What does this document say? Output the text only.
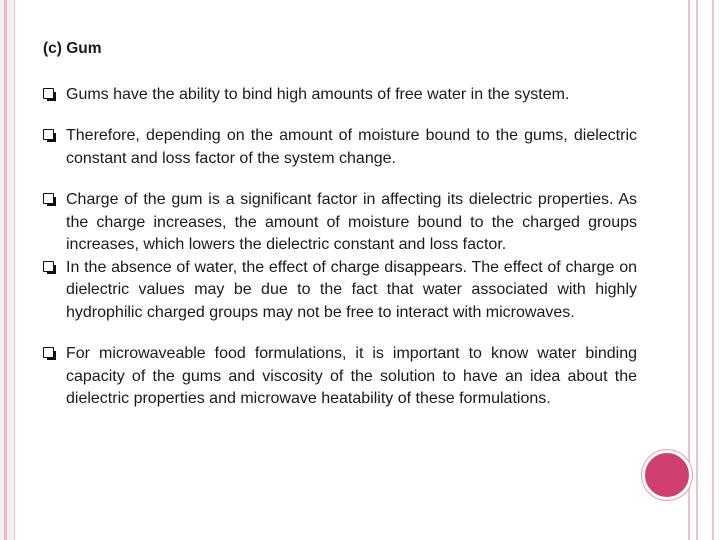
(c) Gum
Gums have the ability to bind high amounts of free water in the system.
Therefore, depending on the amount of moisture bound to the gums, dielectric constant and loss factor of the system change.
Charge of the gum is a significant factor in affecting its dielectric properties. As the charge increases, the amount of moisture bound to the charged groups increases, which lowers the dielectric constant and loss factor.
In the absence of water, the effect of charge disappears. The effect of charge on dielectric values may be due to the fact that water associated with highly hydrophilic charged groups may not be free to interact with microwaves.
For microwaveable food formulations, it is important to know water binding capacity of the gums and viscosity of the solution to have an idea about the dielectric properties and microwave heatability of these formulations.
